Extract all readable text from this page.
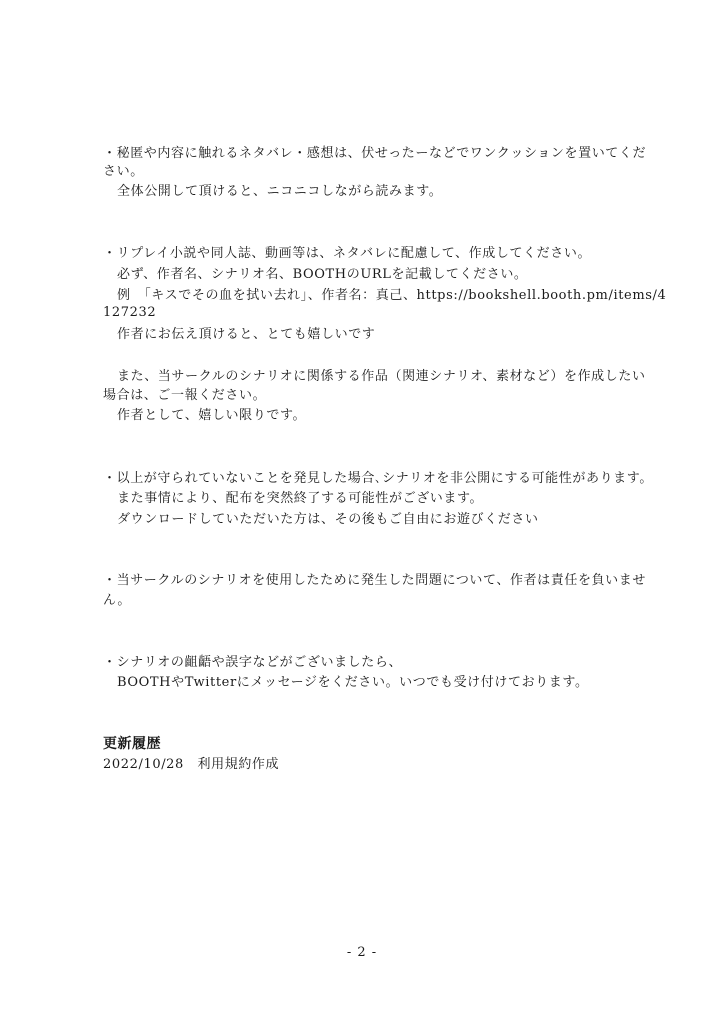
・秘匿や内容に触れるネタバレ・感想は、伏せったーなどでワンクッションを置いてくだ
さい。
全体公開して頂けると、ニコニコしながら読みます。
・リプレイ小説や同人誌、動画等は、ネタバレに配慮して、作成してください。
必ず、作者名、シナリオ名、BOOTHのURLを記載してください。
例　「キスでその血を拭い去れ」、作者名：真己、https://bookshell.booth.pm/items/4
127232
作者にお伝え頂けると、とても嬉しいです
また、当サークルのシナリオに関係する作品（関連シナリオ、素材など）を作成したい
場合は、ご一報ください。
作者として、嬉しい限りです。
・以上が守られていないことを発見した場合､シナリオを非公開にする可能性があります。
また事情により、配布を突然終了する可能性がございます。
ダウンロードしていただいた方は、その後もご自由にお遊びください
・当サークルのシナリオを使用したために発生した問題について、作者は責任を負いませ
ん。
・シナリオの齟齬や誤字などがございましたら、
BOOTHやTwitterにメッセージをください。いつでも受け付けております。
更新履歴
2022/10/28　利用規約作成
- 2 -
